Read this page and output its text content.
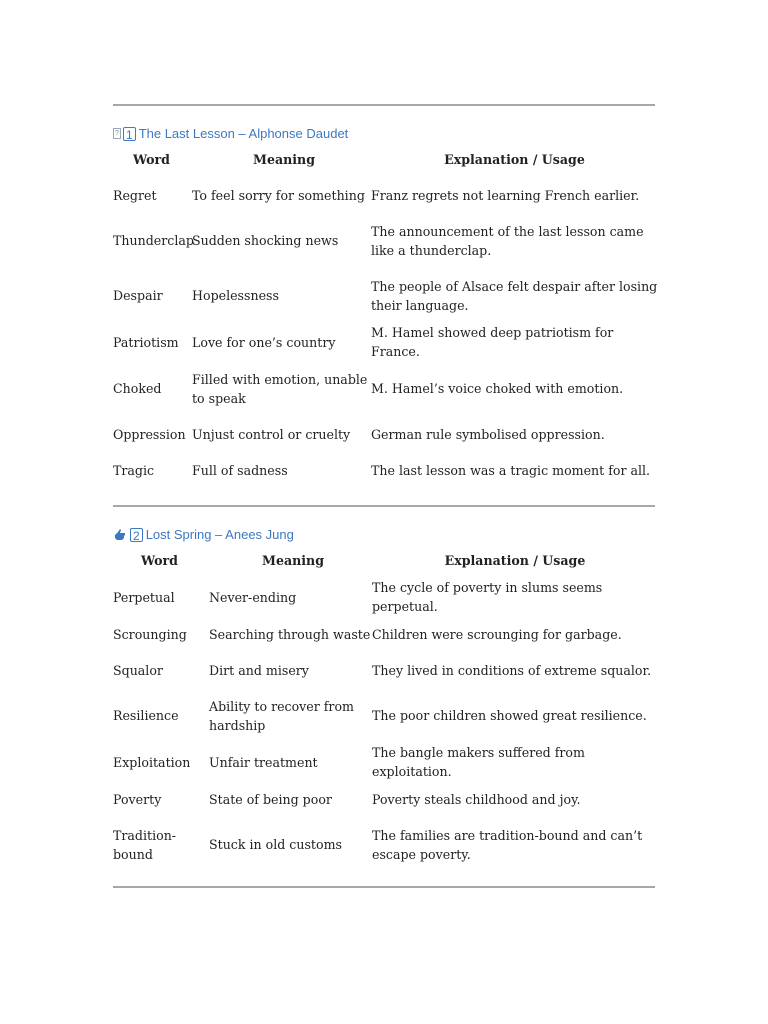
? 1 The Last Lesson – Alphonse Daudet
Word	Meaning	Explanation / Usage
Regret	To feel sorry for something	Franz regrets not learning French earlier.
Thunderclap	Sudden shocking news	The announcement of the last lesson came like a thunderclap.
Despair	Hopelessness	The people of Alsace felt despair after losing their language.
Patriotism	Love for one’s country	M. Hamel showed deep patriotism for France.
Choked	Filled with emotion, unable to speak	M. Hamel’s voice choked with emotion.
Oppression	Unjust control or cruelty	German rule symbolised oppression.
Tragic	Full of sadness	The last lesson was a tragic moment for all.
2 Lost Spring – Anees Jung
Word	Meaning	Explanation / Usage
Perpetual	Never-ending	The cycle of poverty in slums seems perpetual.
Scrounging	Searching through waste	Children were scrounging for garbage.
Squalor	Dirt and misery	They lived in conditions of extreme squalor.
Resilience	Ability to recover from hardship	The poor children showed great resilience.
Exploitation	Unfair treatment	The bangle makers suffered from exploitation.
Poverty	State of being poor	Poverty steals childhood and joy.
Tradition-bound	Stuck in old customs	The families are tradition-bound and can’t escape poverty.
